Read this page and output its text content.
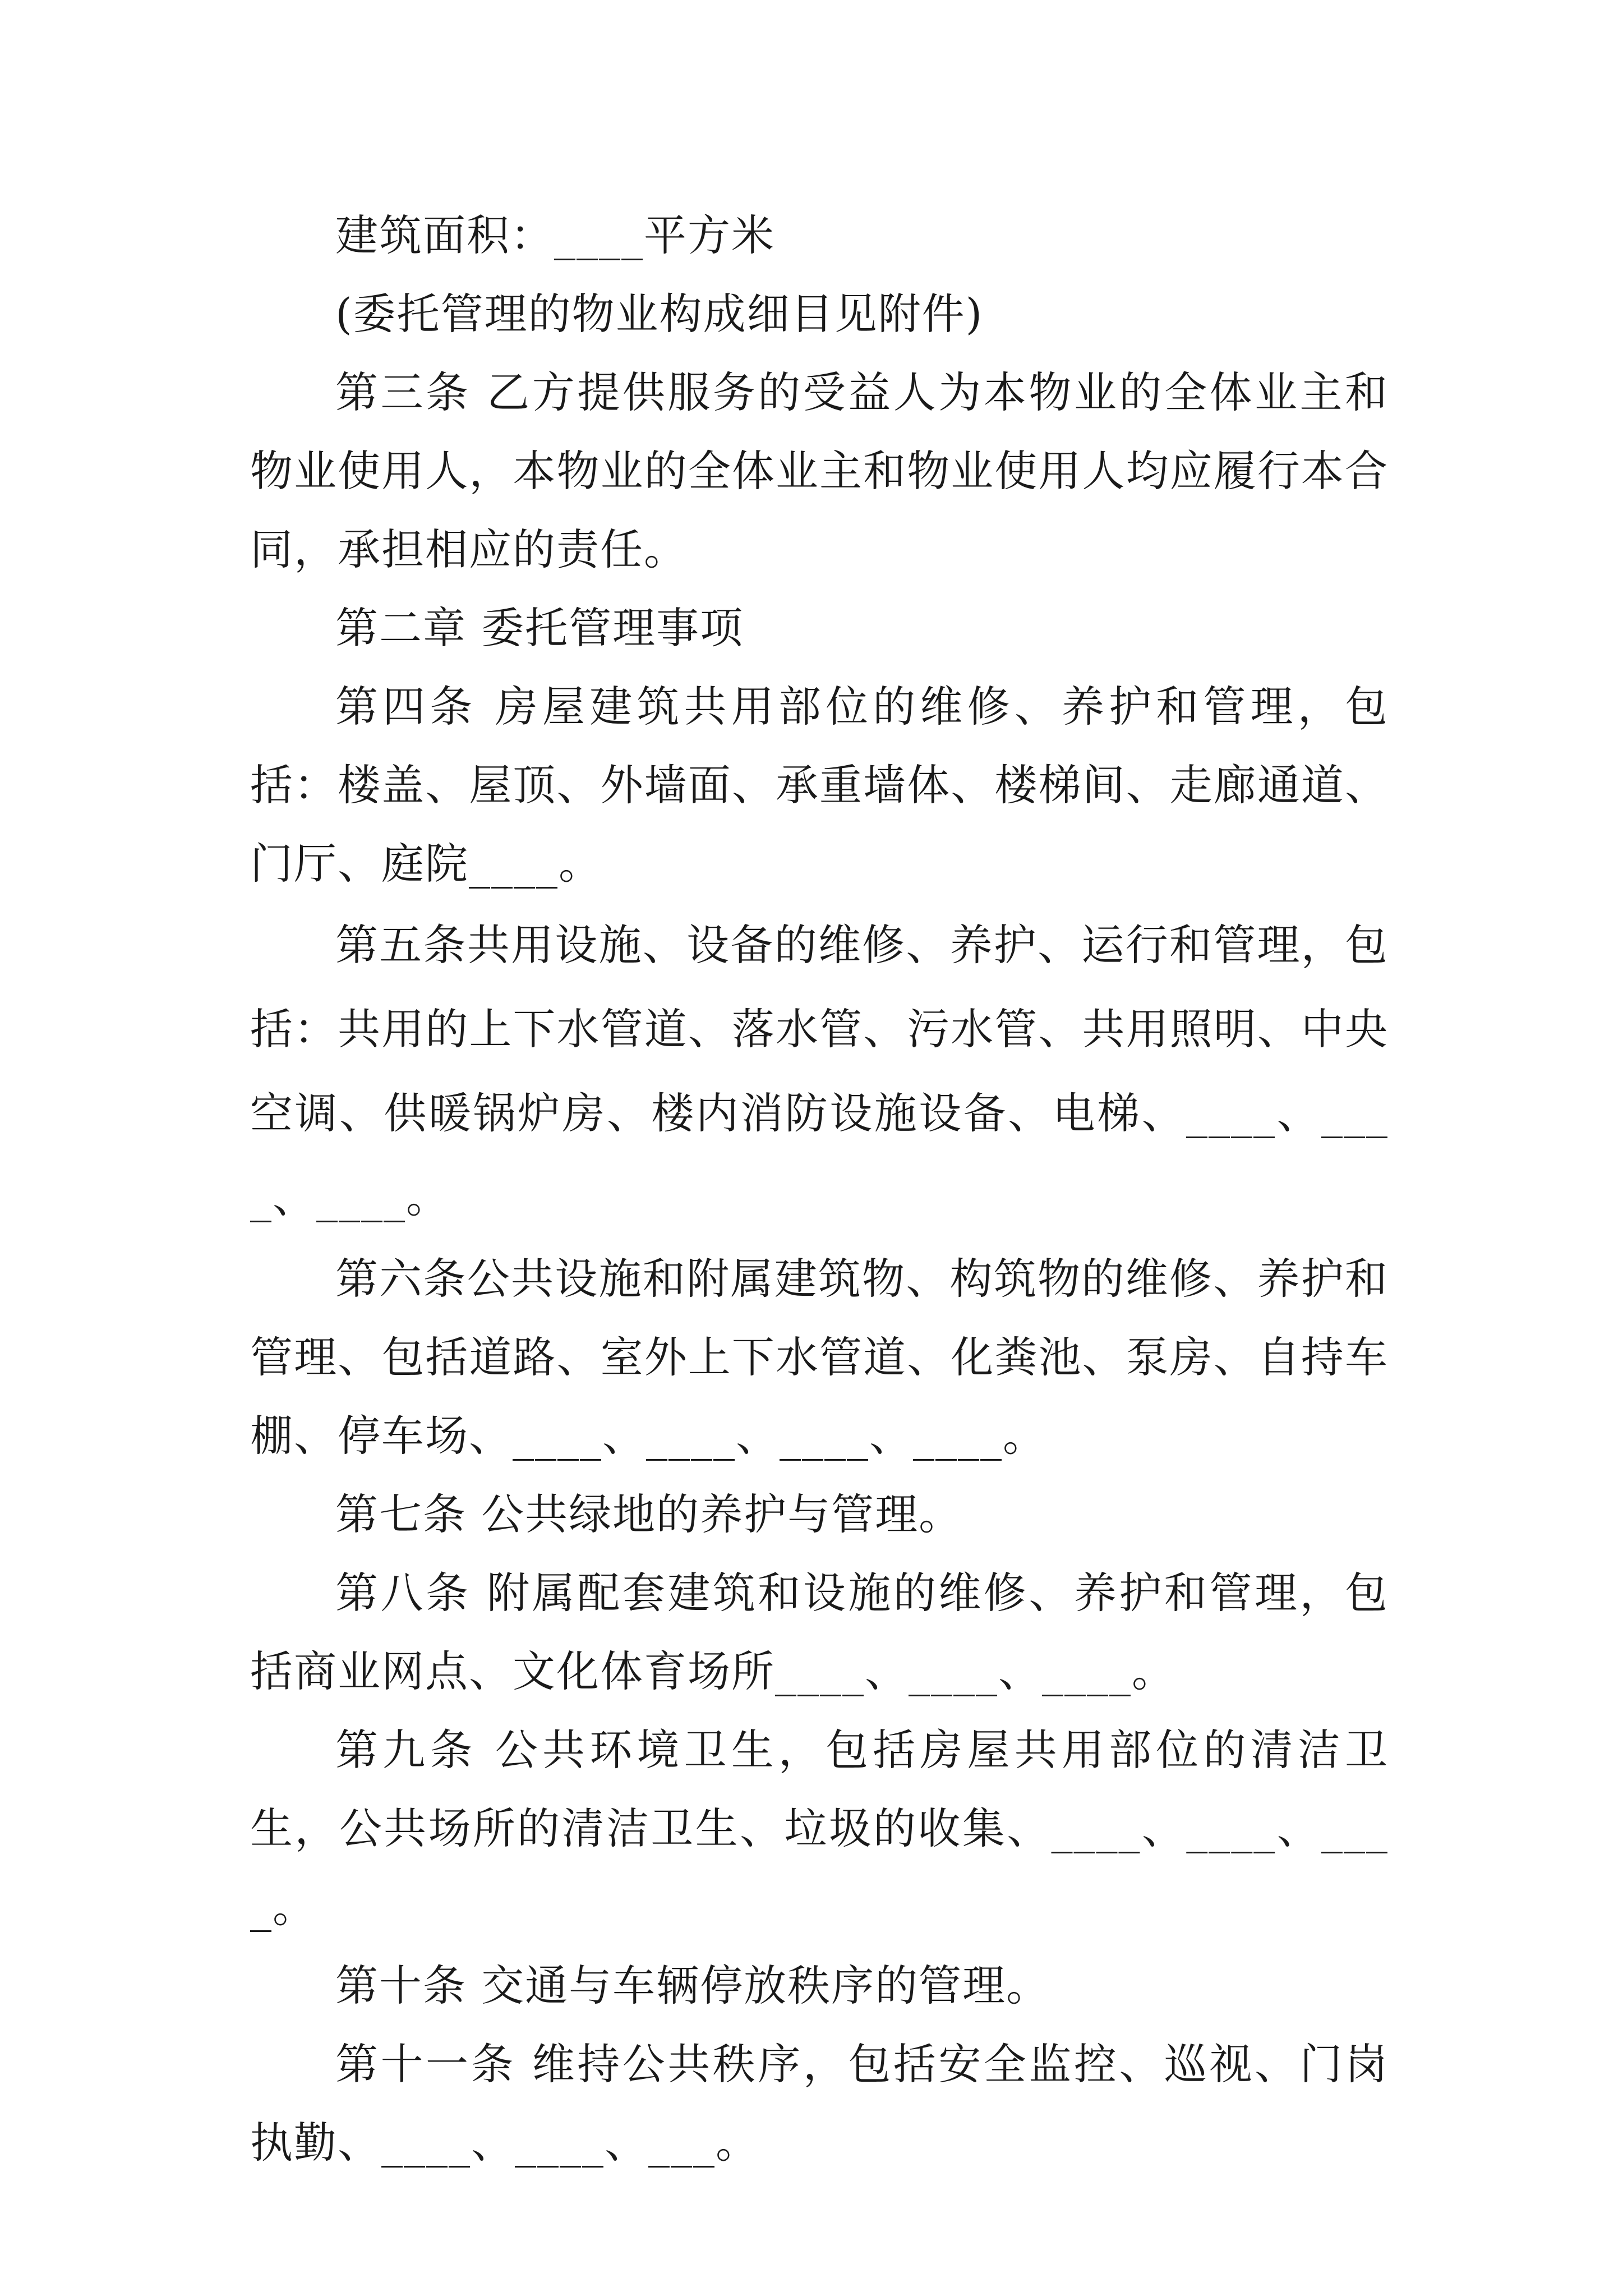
建筑面积：____平方米

(委托管理的物业构成细目见附件)

第三条 乙方提供服务的受益人为本物业的全体业主和物业使用人，本物业的全体业主和物业使用人均应履行本合同，承担相应的责任。

第二章 委托管理事项

第四条 房屋建筑共用部位的维修、养护和管理，包括：楼盖、屋顶、外墙面、承重墙体、楼梯间、走廊通道、门厅、庭院____。

第五条共用设施、设备的维修、养护、运行和管理，包括：共用的上下水管道、落水管、污水管、共用照明、中央空调、供暖锅炉房、楼内消防设施设备、电梯、____、____、____。

第六条公共设施和附属建筑物、构筑物的维修、养护和管理、包括道路、室外上下水管道、化粪池、泵房、自持车棚、停车场、____、____、____、____。

第七条 公共绿地的养护与管理。

第八条 附属配套建筑和设施的维修、养护和管理，包括商业网点、文化体育场所____、____、____。

第九条 公共环境卫生，包括房屋共用部位的清洁卫生，公共场所的清洁卫生、垃圾的收集、____、____、____。

第十条 交通与车辆停放秩序的管理。

第十一条 维持公共秩序，包括安全监控、巡视、门岗执勤、____、____、___。
